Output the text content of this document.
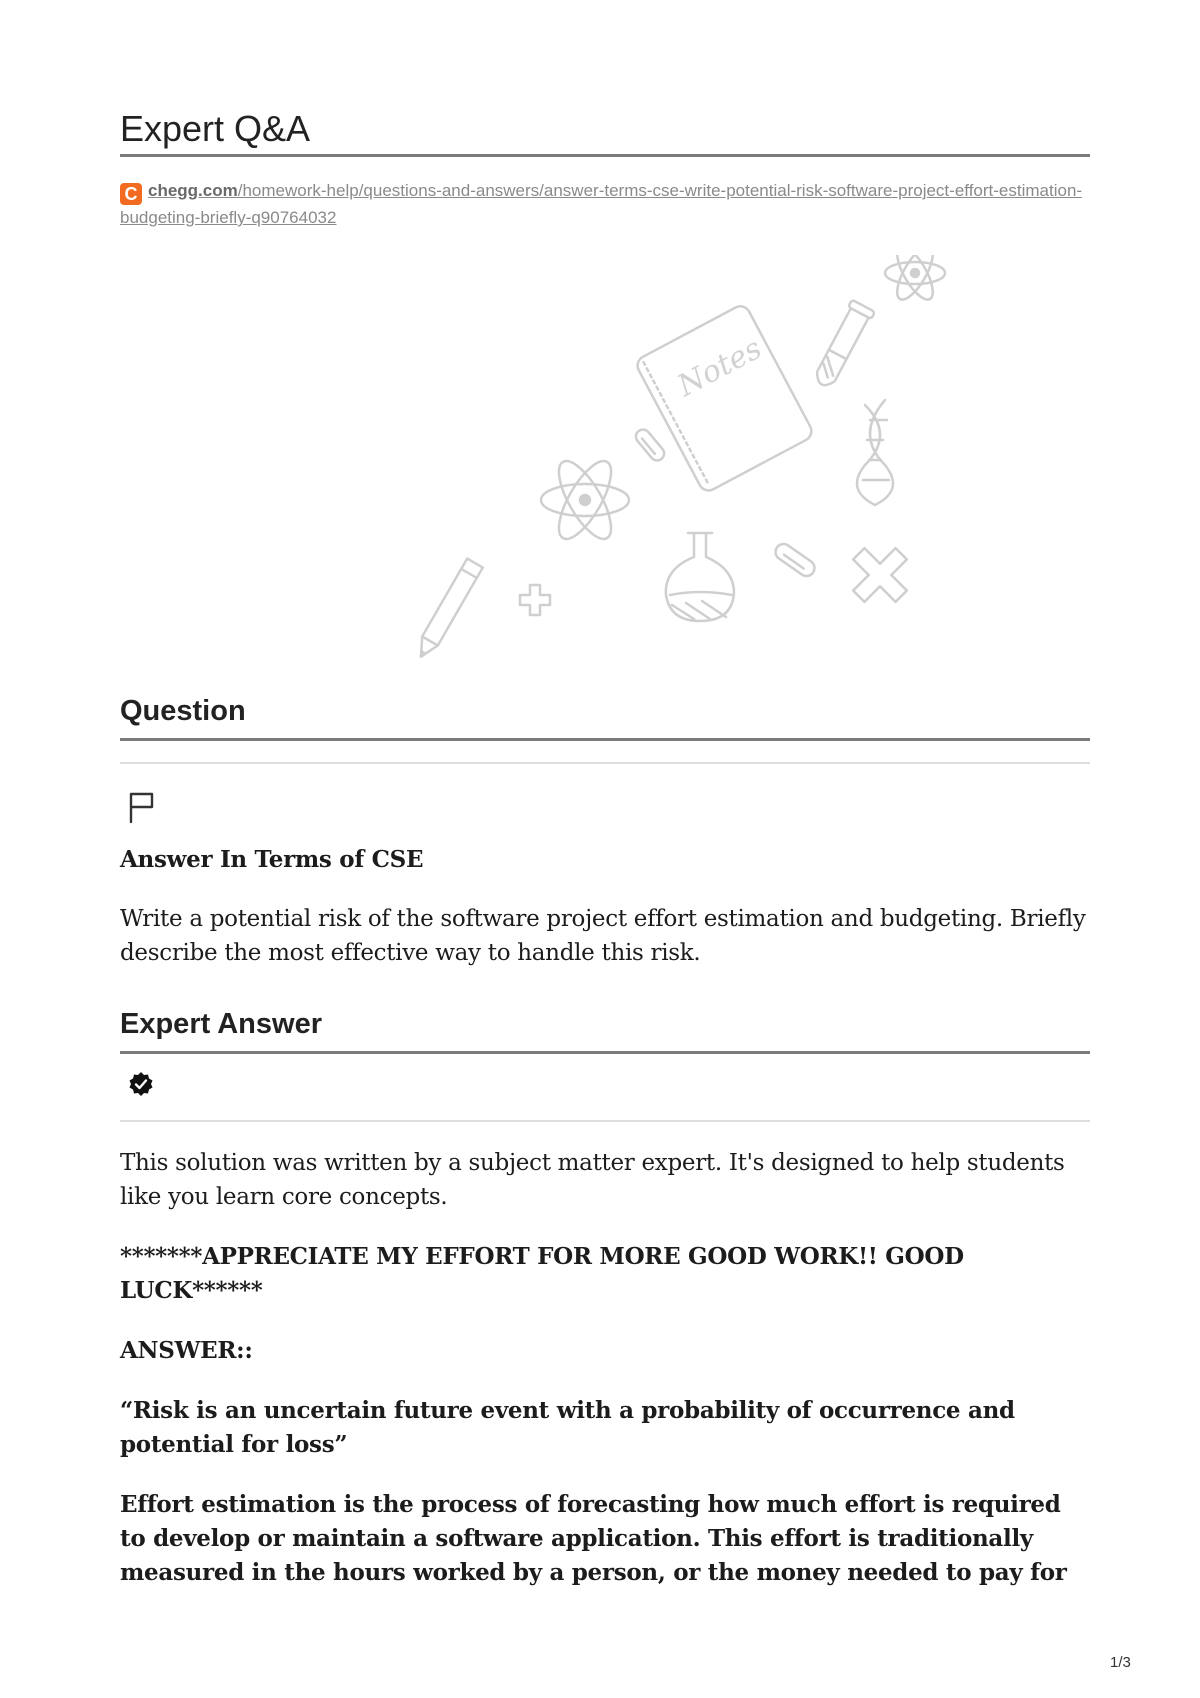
Expert Q&A
C chegg.com/homework-help/questions-and-answers/answer-terms-cse-write-potential-risk-software-project-effort-estimation-budgeting-briefly-q90764032
Notes
Question

Answer In Terms of CSE

Write a potential risk of the software project effort estimation and budgeting. Briefly describe the most effective way to handle this risk.

Expert Answer

This solution was written by a subject matter expert. It's designed to help students like you learn core concepts.

*******APPRECIATE MY EFFORT FOR MORE GOOD WORK!! GOOD LUCK******

ANSWER::

“Risk is an uncertain future event with a probability of occurrence and potential for loss”

Effort estimation is the process of forecasting how much effort is required to develop or maintain a software application. This effort is traditionally measured in the hours worked by a person, or the money needed to pay for

1/3
